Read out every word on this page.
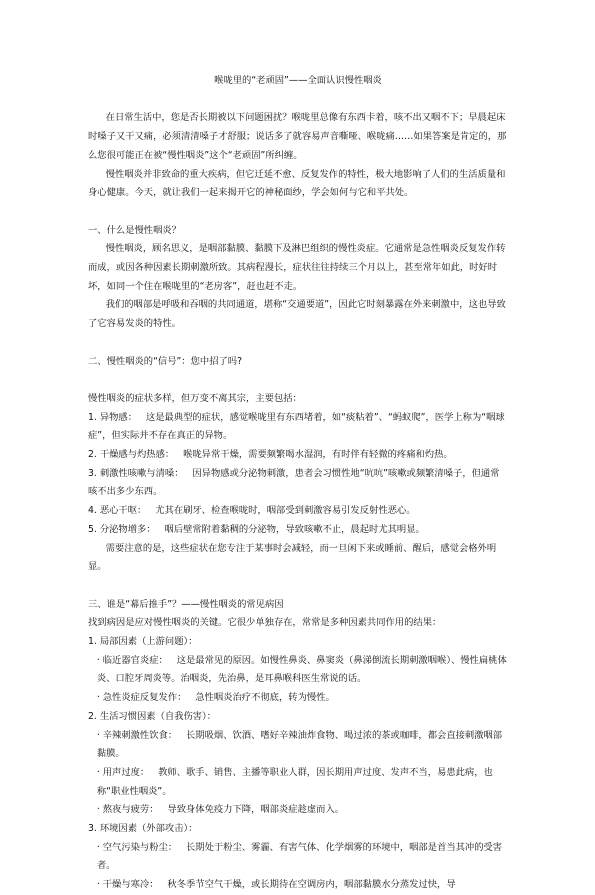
喉咙里的“老顽固”——全面认识慢性咽炎

在日常生活中，您是否长期被以下问题困扰？喉咙里总像有东西卡着，咳不出又咽不下；早晨起床时嗓子又干又痛，必须清清嗓子才舒服；说话多了就容易声音嘶哑、喉咙痛……如果答案是肯定的，那么您很可能正在被“慢性咽炎”这个“老顽固”所纠缠。

慢性咽炎并非致命的重大疾病，但它迁延不愈、反复发作的特性，极大地影响了人们的生活质量和身心健康。今天，就让我们一起来揭开它的神秘面纱，学会如何与它和平共处。

一、什么是慢性咽炎？

慢性咽炎，顾名思义，是咽部黏膜、黏膜下及淋巴组织的慢性炎症。它通常是急性咽炎反复发作转而成，或因各种因素长期刺激所致。其病程漫长，症状往往持续三个月以上，甚至常年如此，时好时坏，如同一个住在喉咙里的“老房客”，赶也赶不走。

我们的咽部是呼吸和吞咽的共同通道，堪称“交通要道”，因此它时刻暴露在外来刺激中，这也导致了它容易发炎的特性。

二、慢性咽炎的“信号”：您中招了吗?

慢性咽炎的症状多样，但万变不离其宗，主要包括：

1. 异物感： 这是最典型的症状，感觉喉咙里有东西堵着，如“痰粘着”、“蚂蚁爬”，医学上称为“咽球症”，但实际并不存在真正的异物。

2. 干燥感与灼热感： 喉咙异常干燥，需要频繁喝水湿润，有时伴有轻微的疼痛和灼热。

3. 刺激性咳嗽与清嗓： 因异物感或分泌物刺激，患者会习惯性地“吭吭”咳嗽或频繁清嗓子，但通常咳不出多少东西。

4. 恶心干呕： 尤其在刷牙、检查喉咙时，咽部受到刺激容易引发反射性恶心。

5. 分泌物增多： 咽后壁常附着黏稠的分泌物，导致咳嗽不止，晨起时尤其明显。

需要注意的是，这些症状在您专注于某事时会减轻，而一旦闲下来或睡前、醒后，感觉会格外明显。

三、谁是“幕后推手”？——慢性咽炎的常见病因

找到病因是应对慢性咽炎的关键。它很少单独存在，常常是多种因素共同作用的结果：

1. 局部因素（上游问题）：

· 临近器官炎症： 这是最常见的原因。如慢性鼻炎、鼻窦炎（鼻涕倒流长期刺激咽喉）、慢性扁桃体炎、口腔牙周炎等。治咽炎，先治鼻，是耳鼻喉科医生常说的话。

· 急性炎症反复发作： 急性咽炎治疗不彻底，转为慢性。

2. 生活习惯因素（自我伤害）：

· 辛辣刺激性饮食： 长期吸烟、饮酒、嗜好辛辣油炸食物、喝过浓的茶或咖啡，都会直接刺激咽部黏膜。

· 用声过度： 教师、歌手、销售、主播等职业人群，因长期用声过度、发声不当，易患此病，也称“职业性咽炎”。

· 熬夜与疲劳： 导致身体免疫力下降，咽部炎症趁虚而入。

3. 环境因素（外部攻击）：

· 空气污染与粉尘： 长期处于粉尘、雾霾、有害气体、化学烟雾的环境中，咽部是首当其冲的受害者。

· 干燥与寒冷： 秋冬季节空气干燥，或长期待在空调房内，咽部黏膜水分蒸发过快，导
